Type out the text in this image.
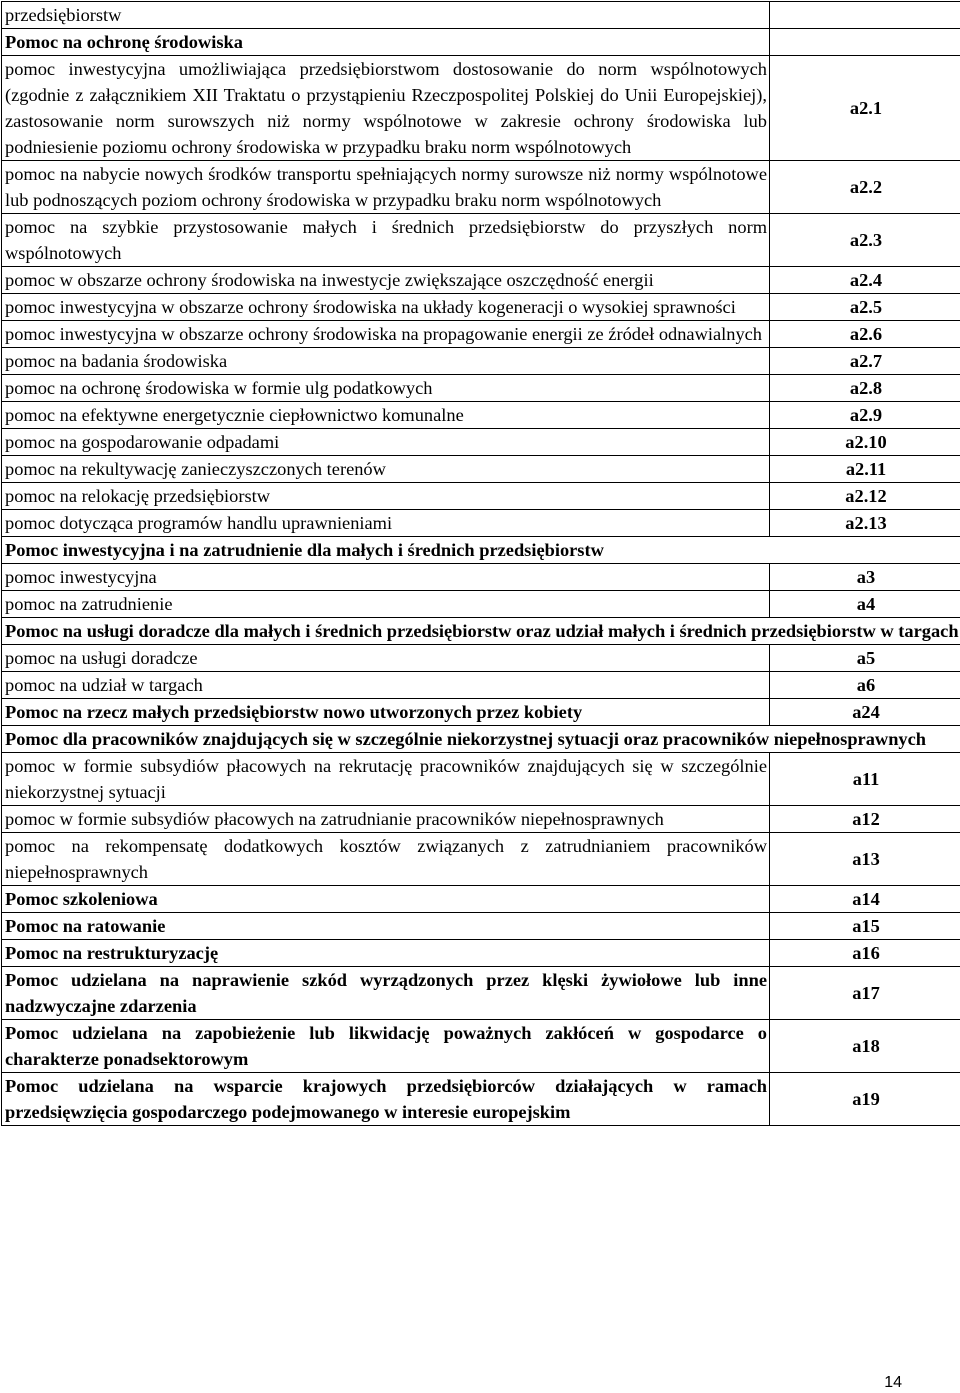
przedsiębiorstw	
Pomoc na ochronę środowiska	
pomoc inwestycyjna umożliwiająca przedsiębiorstwom dostosowanie do norm wspólnotowych (zgodnie z załącznikiem XII Traktatu o przystąpieniu Rzeczpospolitej Polskiej do Unii Europejskiej), zastosowanie norm surowszych niż normy wspólnotowe w zakresie ochrony środowiska lub podniesienie poziomu ochrony środowiska w przypadku braku norm wspólnotowych	a2.1
pomoc na nabycie nowych środków transportu spełniających normy surowsze niż normy wspólnotowe lub podnoszących poziom ochrony środowiska w przypadku braku norm wspólnotowych	a2.2
pomoc na szybkie przystosowanie małych i średnich przedsiębiorstw do przyszłych norm wspólnotowych	a2.3
pomoc w obszarze ochrony środowiska na inwestycje zwiększające oszczędność energii	a2.4
pomoc inwestycyjna w obszarze ochrony środowiska na układy kogeneracji o wysokiej sprawności	a2.5
pomoc inwestycyjna w obszarze ochrony środowiska na propagowanie energii ze źródeł odnawialnych	a2.6
pomoc na badania środowiska	a2.7
pomoc na ochronę środowiska w formie ulg podatkowych	a2.8
pomoc na efektywne energetycznie ciepłownictwo komunalne	a2.9
pomoc na gospodarowanie odpadami	a2.10
pomoc na rekultywację zanieczyszczonych terenów	a2.11
pomoc na relokację przedsiębiorstw	a2.12
pomoc dotycząca programów handlu uprawnieniami	a2.13
Pomoc inwestycyjna i na zatrudnienie dla małych i średnich przedsiębiorstw	
pomoc inwestycyjna	a3
pomoc na zatrudnienie	a4
Pomoc na usługi doradcze dla małych i średnich przedsiębiorstw oraz udział małych i średnich przedsiębiorstw w targach	
pomoc na usługi doradcze	a5
pomoc na udział w targach	a6
Pomoc na rzecz małych przedsiębiorstw nowo utworzonych przez kobiety	a24
Pomoc dla pracowników znajdujących się w szczególnie niekorzystnej sytuacji oraz pracowników niepełnosprawnych	
pomoc w formie subsydiów płacowych na rekrutację pracowników znajdujących się w szczególnie niekorzystnej sytuacji	a11
pomoc w formie subsydiów płacowych na zatrudnianie pracowników niepełnosprawnych	a12
pomoc na rekompensatę dodatkowych kosztów związanych z zatrudnianiem pracowników niepełnosprawnych	a13
Pomoc szkoleniowa	a14
Pomoc na ratowanie	a15
Pomoc na restrukturyzację	a16
Pomoc udzielana na naprawienie szkód wyrządzonych przez klęski żywiołowe lub inne nadzwyczajne zdarzenia	a17
Pomoc udzielana na zapobieżenie lub likwidację poważnych zakłóceń w gospodarce o charakterze ponadsektorowym	a18
Pomoc udzielana na wsparcie krajowych przedsiębiorców działających w ramach przedsięwzięcia gospodarczego podejmowanego w interesie europejskim	a19
14
